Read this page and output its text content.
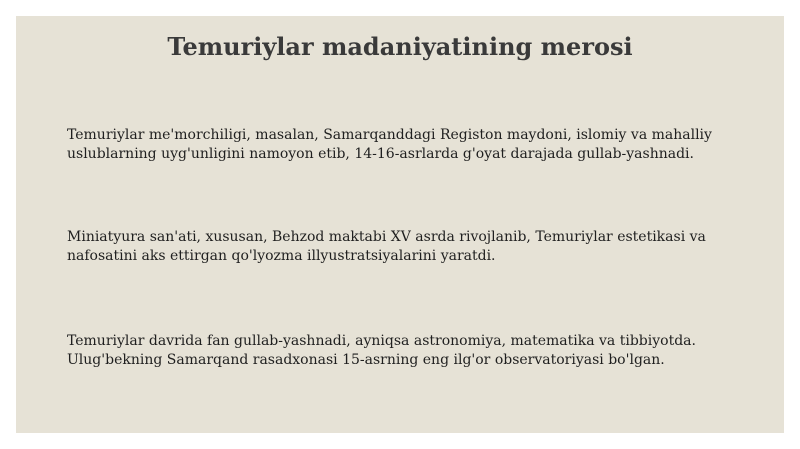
Temuriylar madaniyatining merosi

Temuriylar me'morchiligi, masalan, Samarqanddagi Registon maydoni, islomiy va mahalliy uslublarning uyg'unligini namoyon etib, 14-16-asrlarda g'oyat darajada gullab-yashnadi.

Miniatyura san'ati, xususan, Behzod maktabi XV asrda rivojlanib, Temuriylar estetikasi va nafosatini aks ettirgan qo'lyozma illyustratsiyalarini yaratdi.

Temuriylar davrida fan gullab-yashnadi, ayniqsa astronomiya, matematika va tibbiyotda. Ulug'bekning Samarqand rasadxonasi 15-asrning eng ilg'or observatoriyasi bo'lgan.
